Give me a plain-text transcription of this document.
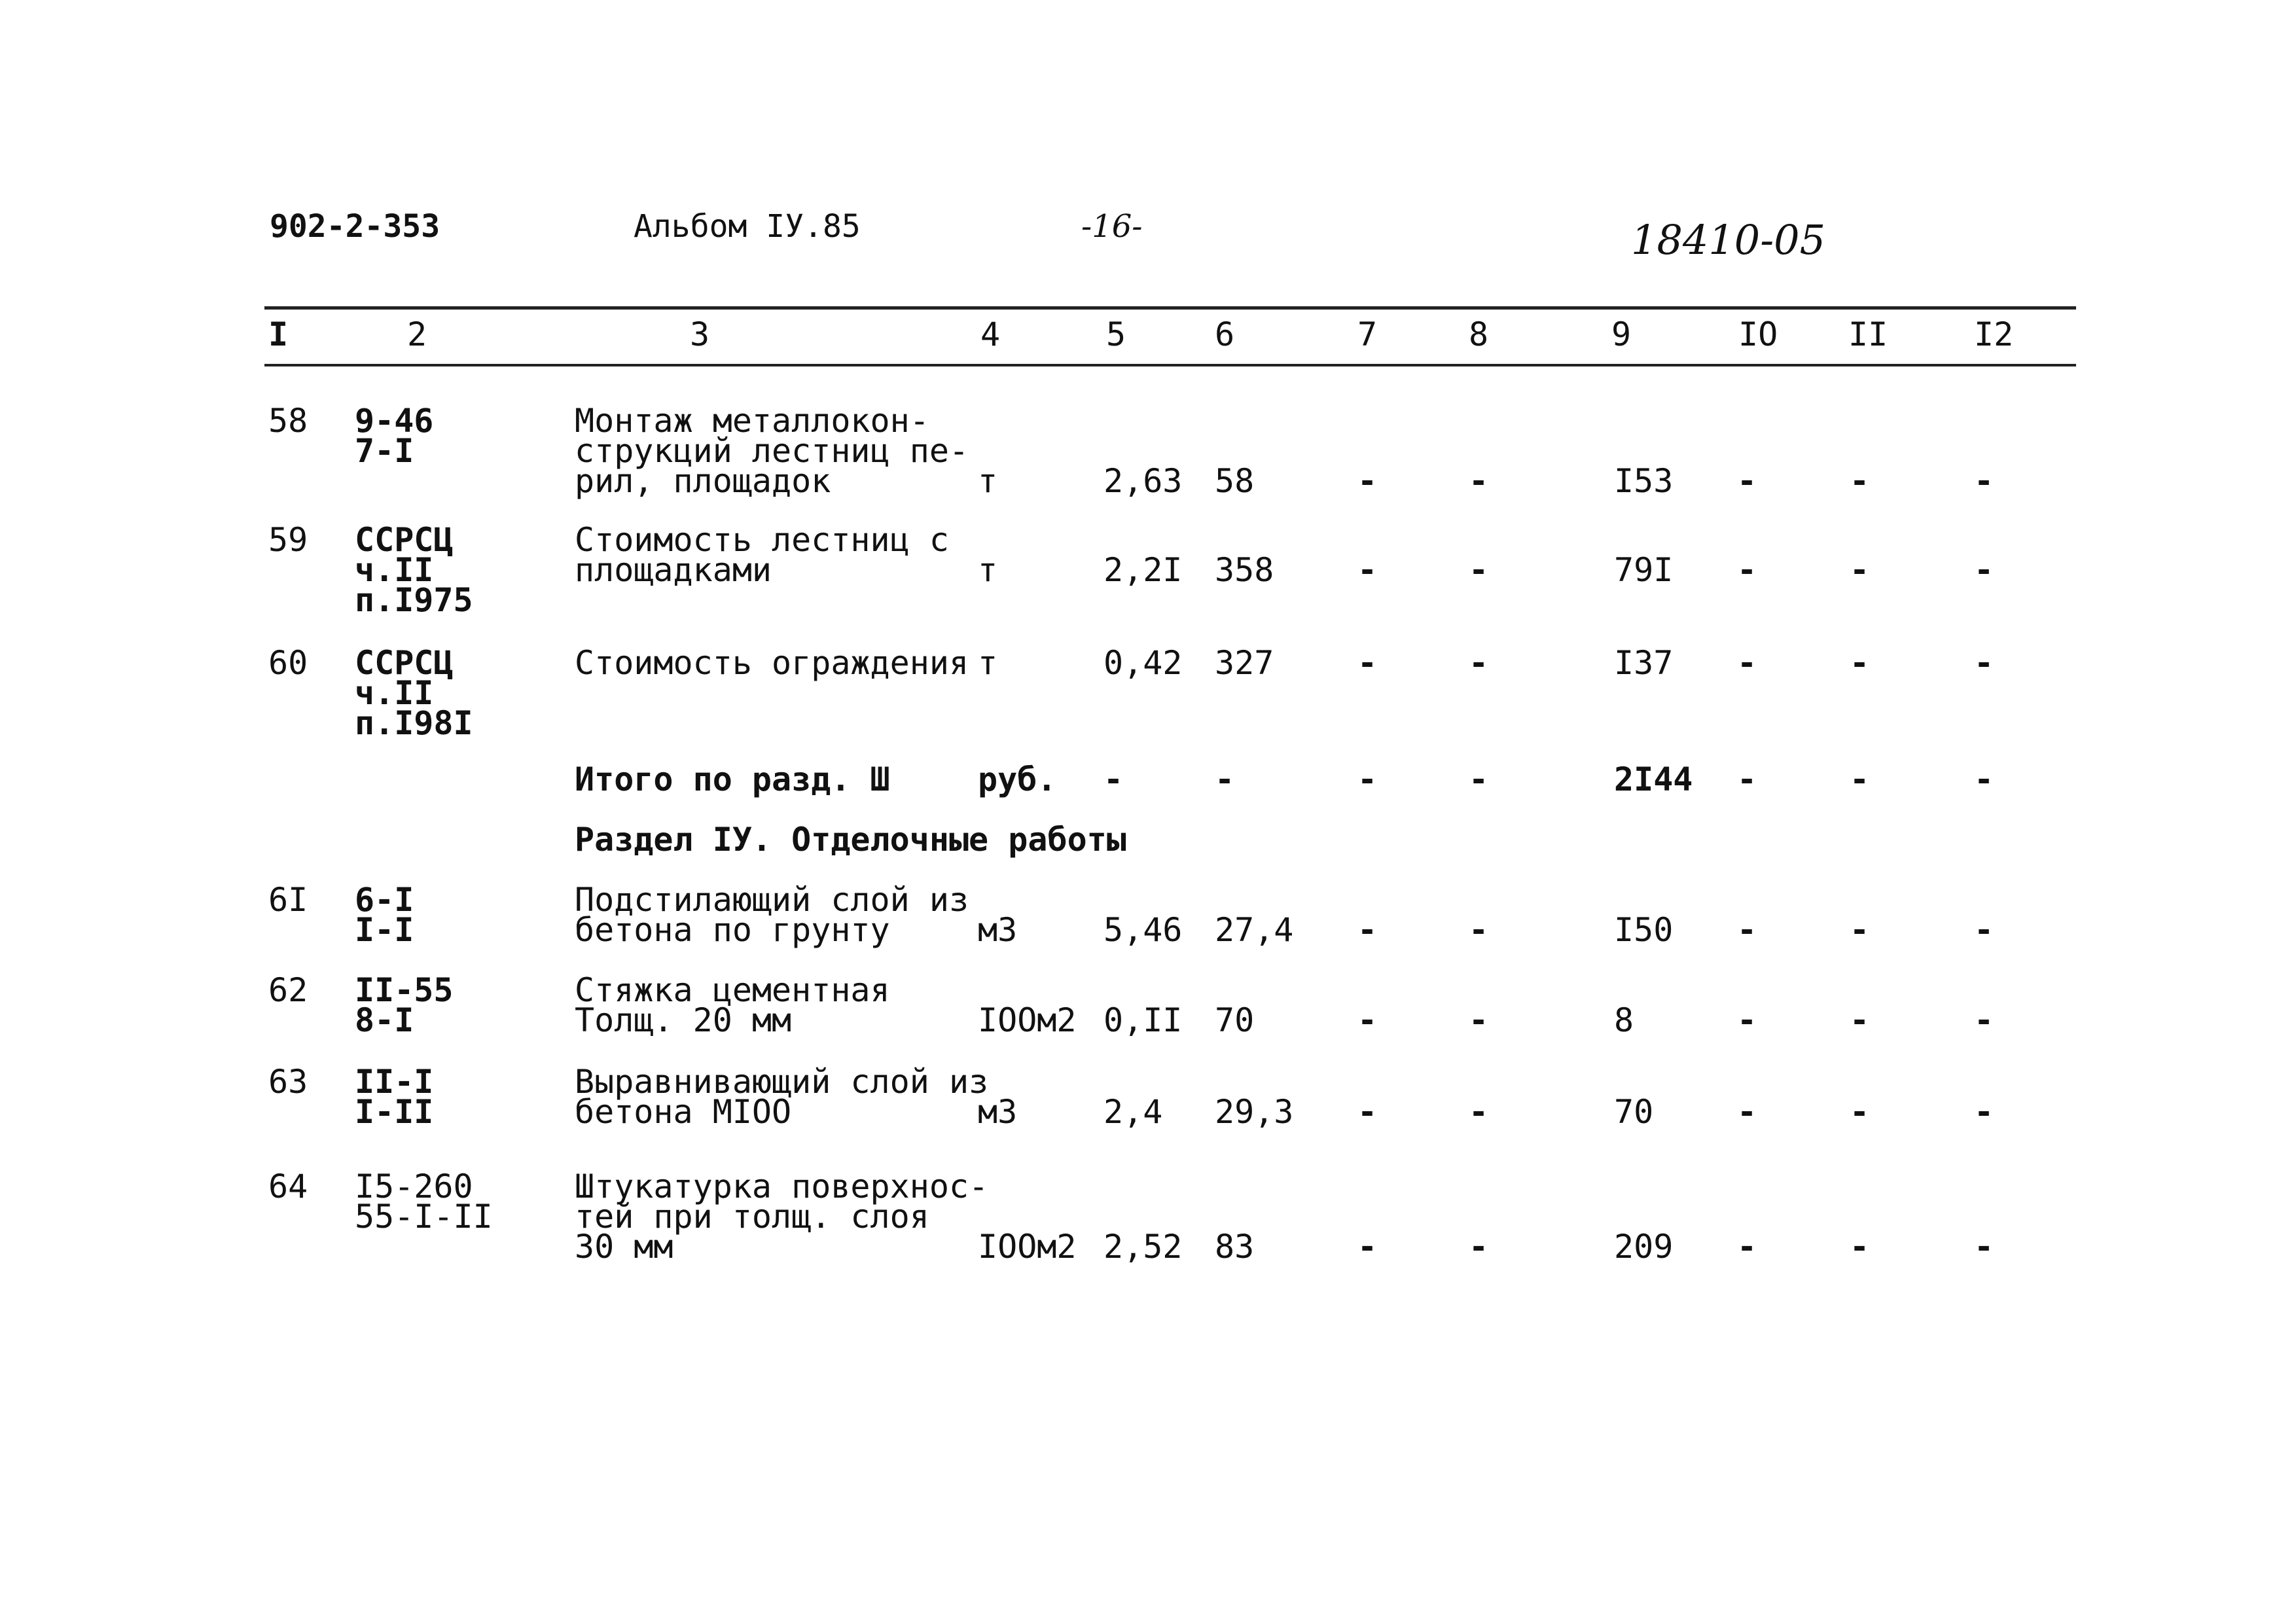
902-2-353	Альбом IУ.85	-16-	18410-05
I	2	3	4	5	6	7	8	9	IO II	I2
58 9-46
7-I
Монтаж металлокон-
струкций лестниц пе-
рил, площадок	т	2,63 58	-	-	I53 -	-	-
59 ССРСЦ
ч.II
п.I975
Стоимость лестниц с
площадками	т	2,2I 358	-	-	79I -	-	-
60 ССРСЦ
ч.II
п.I98I
Стоимость ограждения т	0,42 327	-	-	I37 -	-	-
Итого по разд. Ш	руб. -	-	-	-	2I44 -	-	-
Раздел IУ. Отделочные работы
6I 6-I
I-I
Подстилающий слой из
бетона по грунту	м3	5,46 27,4 -	-	I50 -	-	-
62 II-55
8-I
Стяжка цементная
Толщ. 20 мм	IOOм2 0,II 70	-	-	8	-	-	-
63 II-I
I-II
Выравнивающий слой из
бетона МIOO	м3	2,4 29,3 -	-	70	-	-	-
64 I5-260
55-I-II
Штукатурка поверхнос-
тей при толщ. слоя
30 мм	IOOм2 2,52 83	-	-	209 -	-	-
